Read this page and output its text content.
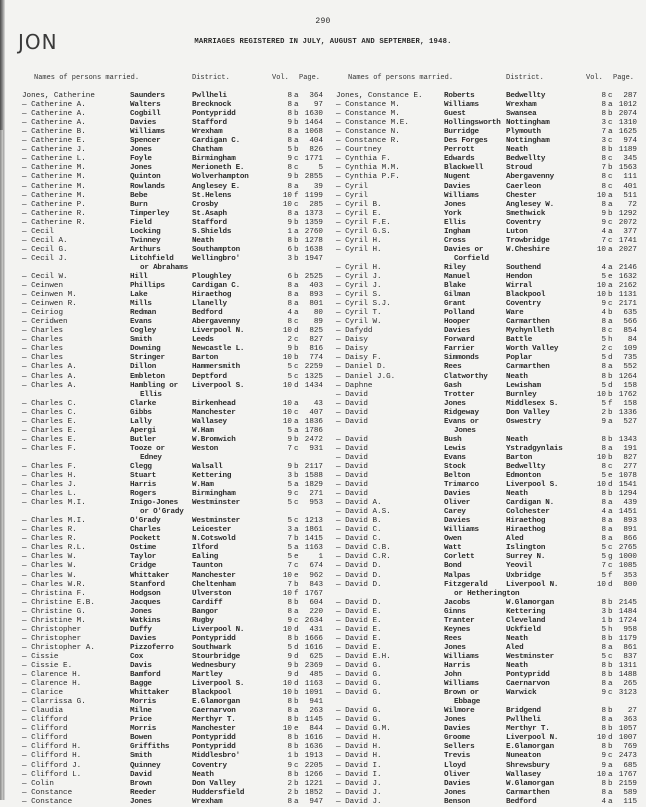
290
JON	MARRIAGES REGISTERED IN JULY, AUGUST AND SEPTEMBER, 1948.
Names of persons married.	District.	Vol.	Page.
Jones, Catherine	Saunders	Pwllheli	8 a	364
— Catherine A.	Walters	Brecknock	8 a	97
— Catherine A.	Cogbill	Pontypridd	8 b 1630
— Catherine A.	Davies	Stafford	9 b 1464
— Catherine B.	Williams	Wrexham	8 a 1068
— Catherine E.	Spencer	Cardigan C.	8 a	404
— Catherine J.	Jones	Chatham	5 b	826
— Catherine L.	Foyle	Birmingham	9 c 1771
— Catherine M.	Jones	Merioneth E.	8 c	5
— Catherine M.	Quinton	Wolverhampton	9 b 2855
— Catherine M.	Rowlands	Anglesey E.	8 a	39
— Catherine M.	Bebe	St.Helens	10 f 1199
— Catherine P.	Burn	Crosby	10 c	285
— Catherine R.	Timperley	St.Asaph	8 a 1373
— Catherine R.	Field	Stafford	9 b 1359
— Cecil	Locking	S.Shields	1 a 2760
— Cecil A.	Twinney	Neath	8 b 1278
— Cecil G.	Arthurs	Southampton	6 b 1638
— Cecil J.	Litchfield	Wellingbro'	3 b 1947
or Abrahams
— Cecil W.	Hill	Ploughley	6 b 2525
— Ceinwen	Phillips	Cardigan C.	8 a	403
— Ceinwen M.	Lake	Hiraethog	8 a	893
— Ceinwen R.	Mills	Llanelly	8 a	801
— Ceiriog	Redman	Bedford	4 a	80
— Ceridwen	Evans	Abergavenny	8 c	89
— Charles	Cogley	Liverpool N.	10 d	825
— Charles	Smith	Leeds	2 c	827
— Charles	Downing	Newcastle L.	9 b	816
— Charles	Stringer	Barton	10 b	774
— Charles A.	Dillon	Hammersmith	5 c 2259
— Charles A.	Embleton	Deptford	5 c 1325
— Charles A.	Hambling or	Liverpool S.	10 d 1434
Ellis
— Charles C.	Clarke	Birkenhead	10 a	43
— Charles C.	Gibbs	Manchester	10 c	407
— Charles E.	Lally	Wallasey	10 a 1836
— Charles E.	Apergi	W.Ham	5 a 1786
— Charles E.	Butler	W.Bromwich	9 b 2472
— Charles F.	Tooze or	Weston	7 c	931
Edney
— Charles F.	Clegg	Walsall	9 b 2117
— Charles H.	Stuart	Kettering	3 b 1588
— Charles J.	Harris	W.Ham	5 a 1829
— Charles L.	Rogers	Birmingham	9 c	271
— Charles M.I.	Inigo-Jones	Westminster	5 c	953
or O'Grady
— Charles M.I.	O'Grady	Westminster	5 c 1213
— Charles R.	Charles	Leicester	3 a 1861
— Charles R.	Pockett	N.Cotswold	7 b 1415
— Charles R.L.	Ostime	Ilford	5 a 1163
— Charles W.	Taylor	Ealing	5 e	1
— Charles W.	Cridge	Taunton	7 c	674
— Charles W.	Whittaker	Manchester	10 e	962
— Charles W.R.	Stanford	Cheltenham	7 b	843
— Christina F.	Hodgson	Ulverston	10 f 1767
— Christine E.B.	Jacques	Cardiff	8 b	604
— Christine G.	Jones	Bangor	8 a	220
— Christine M.	Watkins	Rugby	9 c 2634
— Christopher	Duffy	Liverpool N.	10 d	431
— Christopher	Davies	Pontypridd	8 b 1666
— Christopher A.	Pizzoferro	Southwark	5 d 1616
— Cissie	Cox	Stourbridge	9 d	625
— Cissie E.	Davis	Wednesbury	9 b 2369
— Clarence H.	Bamford	Martley	9 d	485
— Clarence H.	Bagge	Liverpool S.	10 d 1163
— Clarice	Whittaker	Blackpool	10 b 1091
— Clarrissa G.	Morris	E.Glamorgan	8 b	941
— Claudia	Milne	Caernarvon	8 a	263
— Clifford	Price	Merthyr T.	8 b 1145
— Clifford	Morris	Manchester	10 e	844
— Clifford	Bowen	Pontypridd	8 b 1616
— Clifford H.	Griffiths	Pontypridd	8 b 1636
— Clifford H.	Smith	Middlesbro'	1 b 1913
— Clifford J.	Quinney	Coventry	9 c 2205
— Clifford L.	David	Neath	8 b 1266
— Colin	Brown	Don Valley	2 b 1221
— Constance	Reeder	Huddersfield	2 b 1852
— Constance	Jones	Wrexham	8 a	947
Names of persons married.	District.	Vol.	Page.
Jones, Constance E.	Roberts	Bedwellty	8 c	287
— Constance M.	Williams	Wrexham	8 a 1012
— Constance M.	Guest	Swansea	8 b 2074
— Constance M.E.	Hollingsworth Nottingham	3 c 1310
— Constance N.	Burridge	Plymouth	7 a 1625
— Constance R.	Des Forges	Nottingham	3 c	974
— Courtney	Perrott	Neath	8 b 1189
— Cynthia F.	Edwards	Bedwellty	8 c	345
— Cynthia M.M.	Blackwell	Stroud	7 b 1563
— Cynthia P.F.	Nugent	Abergavenny	8 c	111
— Cyril	Davies	Caerleon	8 c	401
— Cyril	Williams	Chester	10 a	511
— Cyril B.	Jones	Anglesey W.	8 a	72
— Cyril E.	York	Smethwick	9 b 1292
— Cyril F.E.	Ellis	Coventry	9 c 2072
— Cyril G.S.	Ingham	Luton	4 a	377
— Cyril H.	Cross	Trowbridge	7 c 1741
— Cyril H.	Davies or	W.Cheshire	10 a 2027
Corfield
— Cyril H.	Riley	Southend	4 a 2146
— Cyril J.	Manuel	Hendon	5 e 1632
— Cyril J.	Blake	Wirral	10 a 2162
— Cyril S.	Gilman	Blackpool	10 b 1131
— Cyril S.J.	Grant	Coventry	9 c 2171
— Cyril T.	Polland	Ware	4 b	635
— Cyril W.	Hooper	Carmarthen	8 a	566
— Dafydd	Davies	Mychynlleth	8 c	854
— Daisy	Forward	Battle	5 h	84
— Daisy	Farrier	Worth Valley	2 c	109
— Daisy F.	Simmonds	Poplar	5 d	735
— Daniel D.	Rees	Carmarthen	8 a	552
— Daniel J.G.	Clatworthy	Neath	8 b 1264
— Daphne	Gash	Lewisham	5 d	158
— David	Trotter	Burnley	10 b 1762
— David	Jones	Middlesex S.	5 f	158
— David	Ridgeway	Don Valley	2 b 1336
— David	Evans or	Oswestry	9 a	527
Jones
— David	Bush	Neath	8 b 1343
— David	Lewis	Ystradgynlais	8 a	191
— David	Evans	Barton	10 b	827
— David	Stock	Bedwellty	8 c	277
— David	Belton	Edmonton	5 e 1078
— David	Trimarco	Liverpool S.	10 d 1541
— David	Davies	Neath	8 b 1294
— David A.	Oliver	Cardigan N.	8 a	439
— David A.S.	Carey	Colchester	4 a 1451
— David B.	Davies	Hiraethog	8 a	893
— David C.	Williams	Hiraethog	8 a	891
— David C.	Owen	Aled	8 a	866
— David C.B.	Watt	Islington	5 c 2765
— David C.R.	Corlett	Surrey N.	5 g 1000
— David D.	Bond	Yeovil	7 c 1085
— David D.	Malpas	Uxbridge	5 f	353
— David D.	Fitzgerald	Liverpool N.	10 d	800
or Hetherington
— David D.	Jacobs	W.Glamorgan	8 b 2145
— David E.	Ginns	Kettering	3 b 1484
— David E.	Tranter	Cleveland	1 b 1724
— David E.	Keynes	Uckfield	5 h	958
— David E.	Rees	Neath	8 b 1179
— David E.	Jones	Aled	8 a	861
— David E.H.	Williams	Westminster	5 c	837
— David G.	Harris	Neath	8 b 1311
— David G.	John	Pontypridd	8 b 1488
— David G.	Williams	Caernarvon	8 a	265
— David G.	Brown or	Warwick	9 c 3123
Ebbage
— David G.	Wilmore	Bridgend	8 b	27
— David G.	Jones	Pwllheli	8 a	363
— David G.M.	Davies	Merthyr T.	8 b 1057
— David H.	Groome	Liverpool N.	10 d 1007
— David H.	Sellers	E.Glamorgan	8 b	769
— David H.	Trevis	Nuneaton	9 c 2473
— David I.	Lloyd	Shrewsbury	9 a	685
— David I.	Oliver	Wallasey	10 a 1767
— David J.	Davies	W.Glamorgan	8 b 2159
— David J.	Jones	Carmarthen	8 a	589
— David J.	Benson	Bedford	4 a	115
